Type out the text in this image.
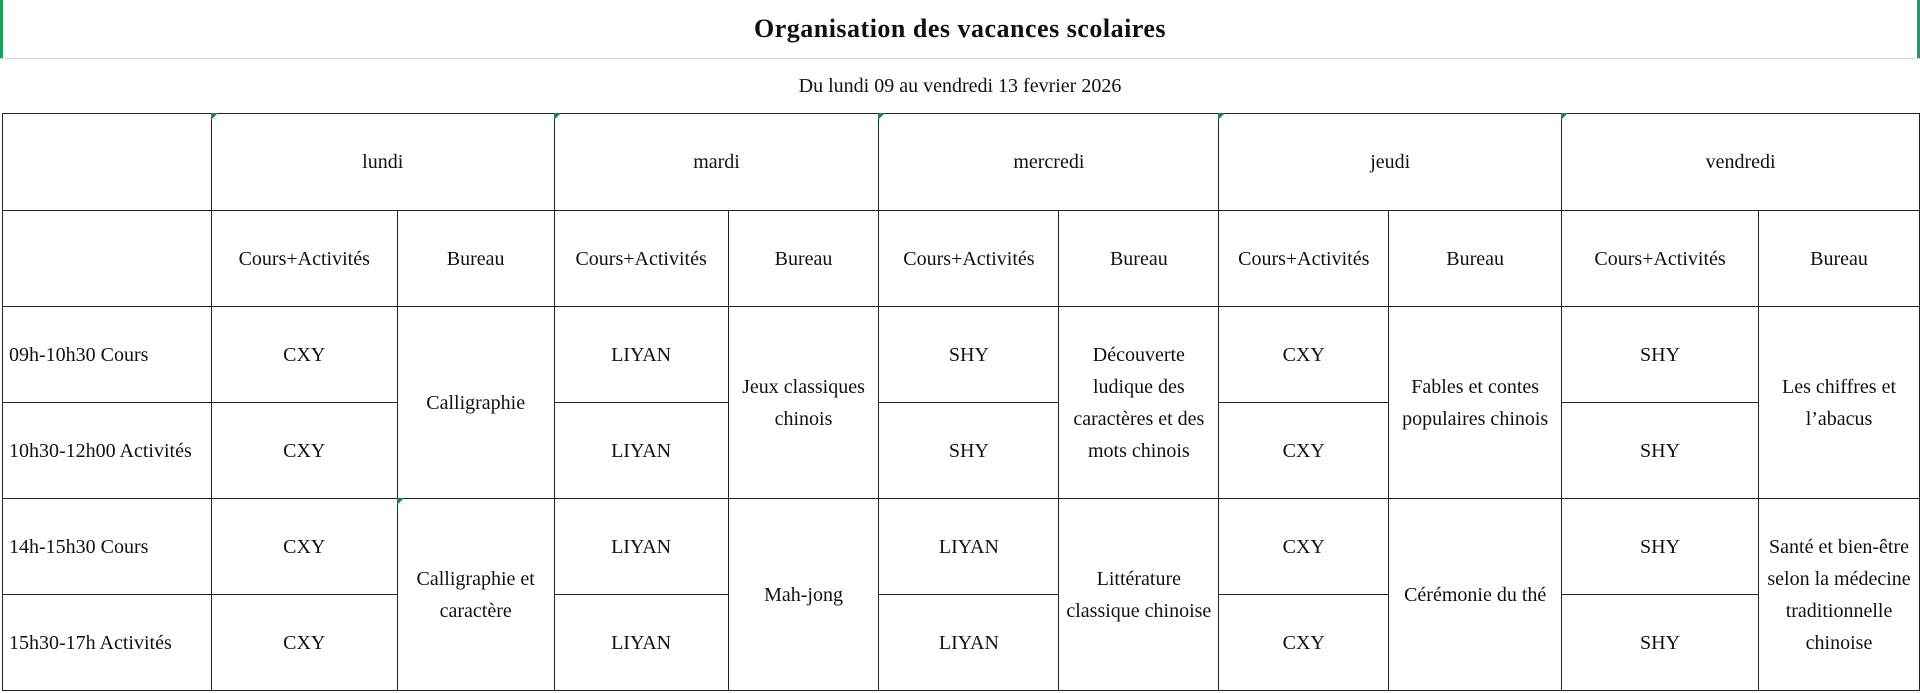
Organisation des vacances scolaires
Du lundi 09 au vendredi 13 fevrier 2026

lundi		mardi		mercredi		jeudi		vendredi	
	Cours+Activités	Bureau	Cours+Activités	Bureau	Cours+Activités	Bureau	Cours+Activités	Bureau	Cours+Activités	Bureau
09h-10h30 Cours	CXY	Calligraphie	LIYAN	Jeux classiques chinois	SHY	Découverte ludique des caractères et des mots chinois	CXY	Fables et contes populaires chinois	SHY	Les chiffres et l’abacus
10h30-12h00 Activités	CXY		LIYAN		SHY		CXY		SHY	
14h-15h30 Cours	CXY	Calligraphie et caractère	LIYAN	Mah-jong	LIYAN	Littérature classique chinoise	CXY	Cérémonie du thé	SHY	Santé et bien-être selon la médecine traditionnelle chinoise
15h30-17h Activités	CXY		LIYAN		LIYAN		CXY		SHY	
